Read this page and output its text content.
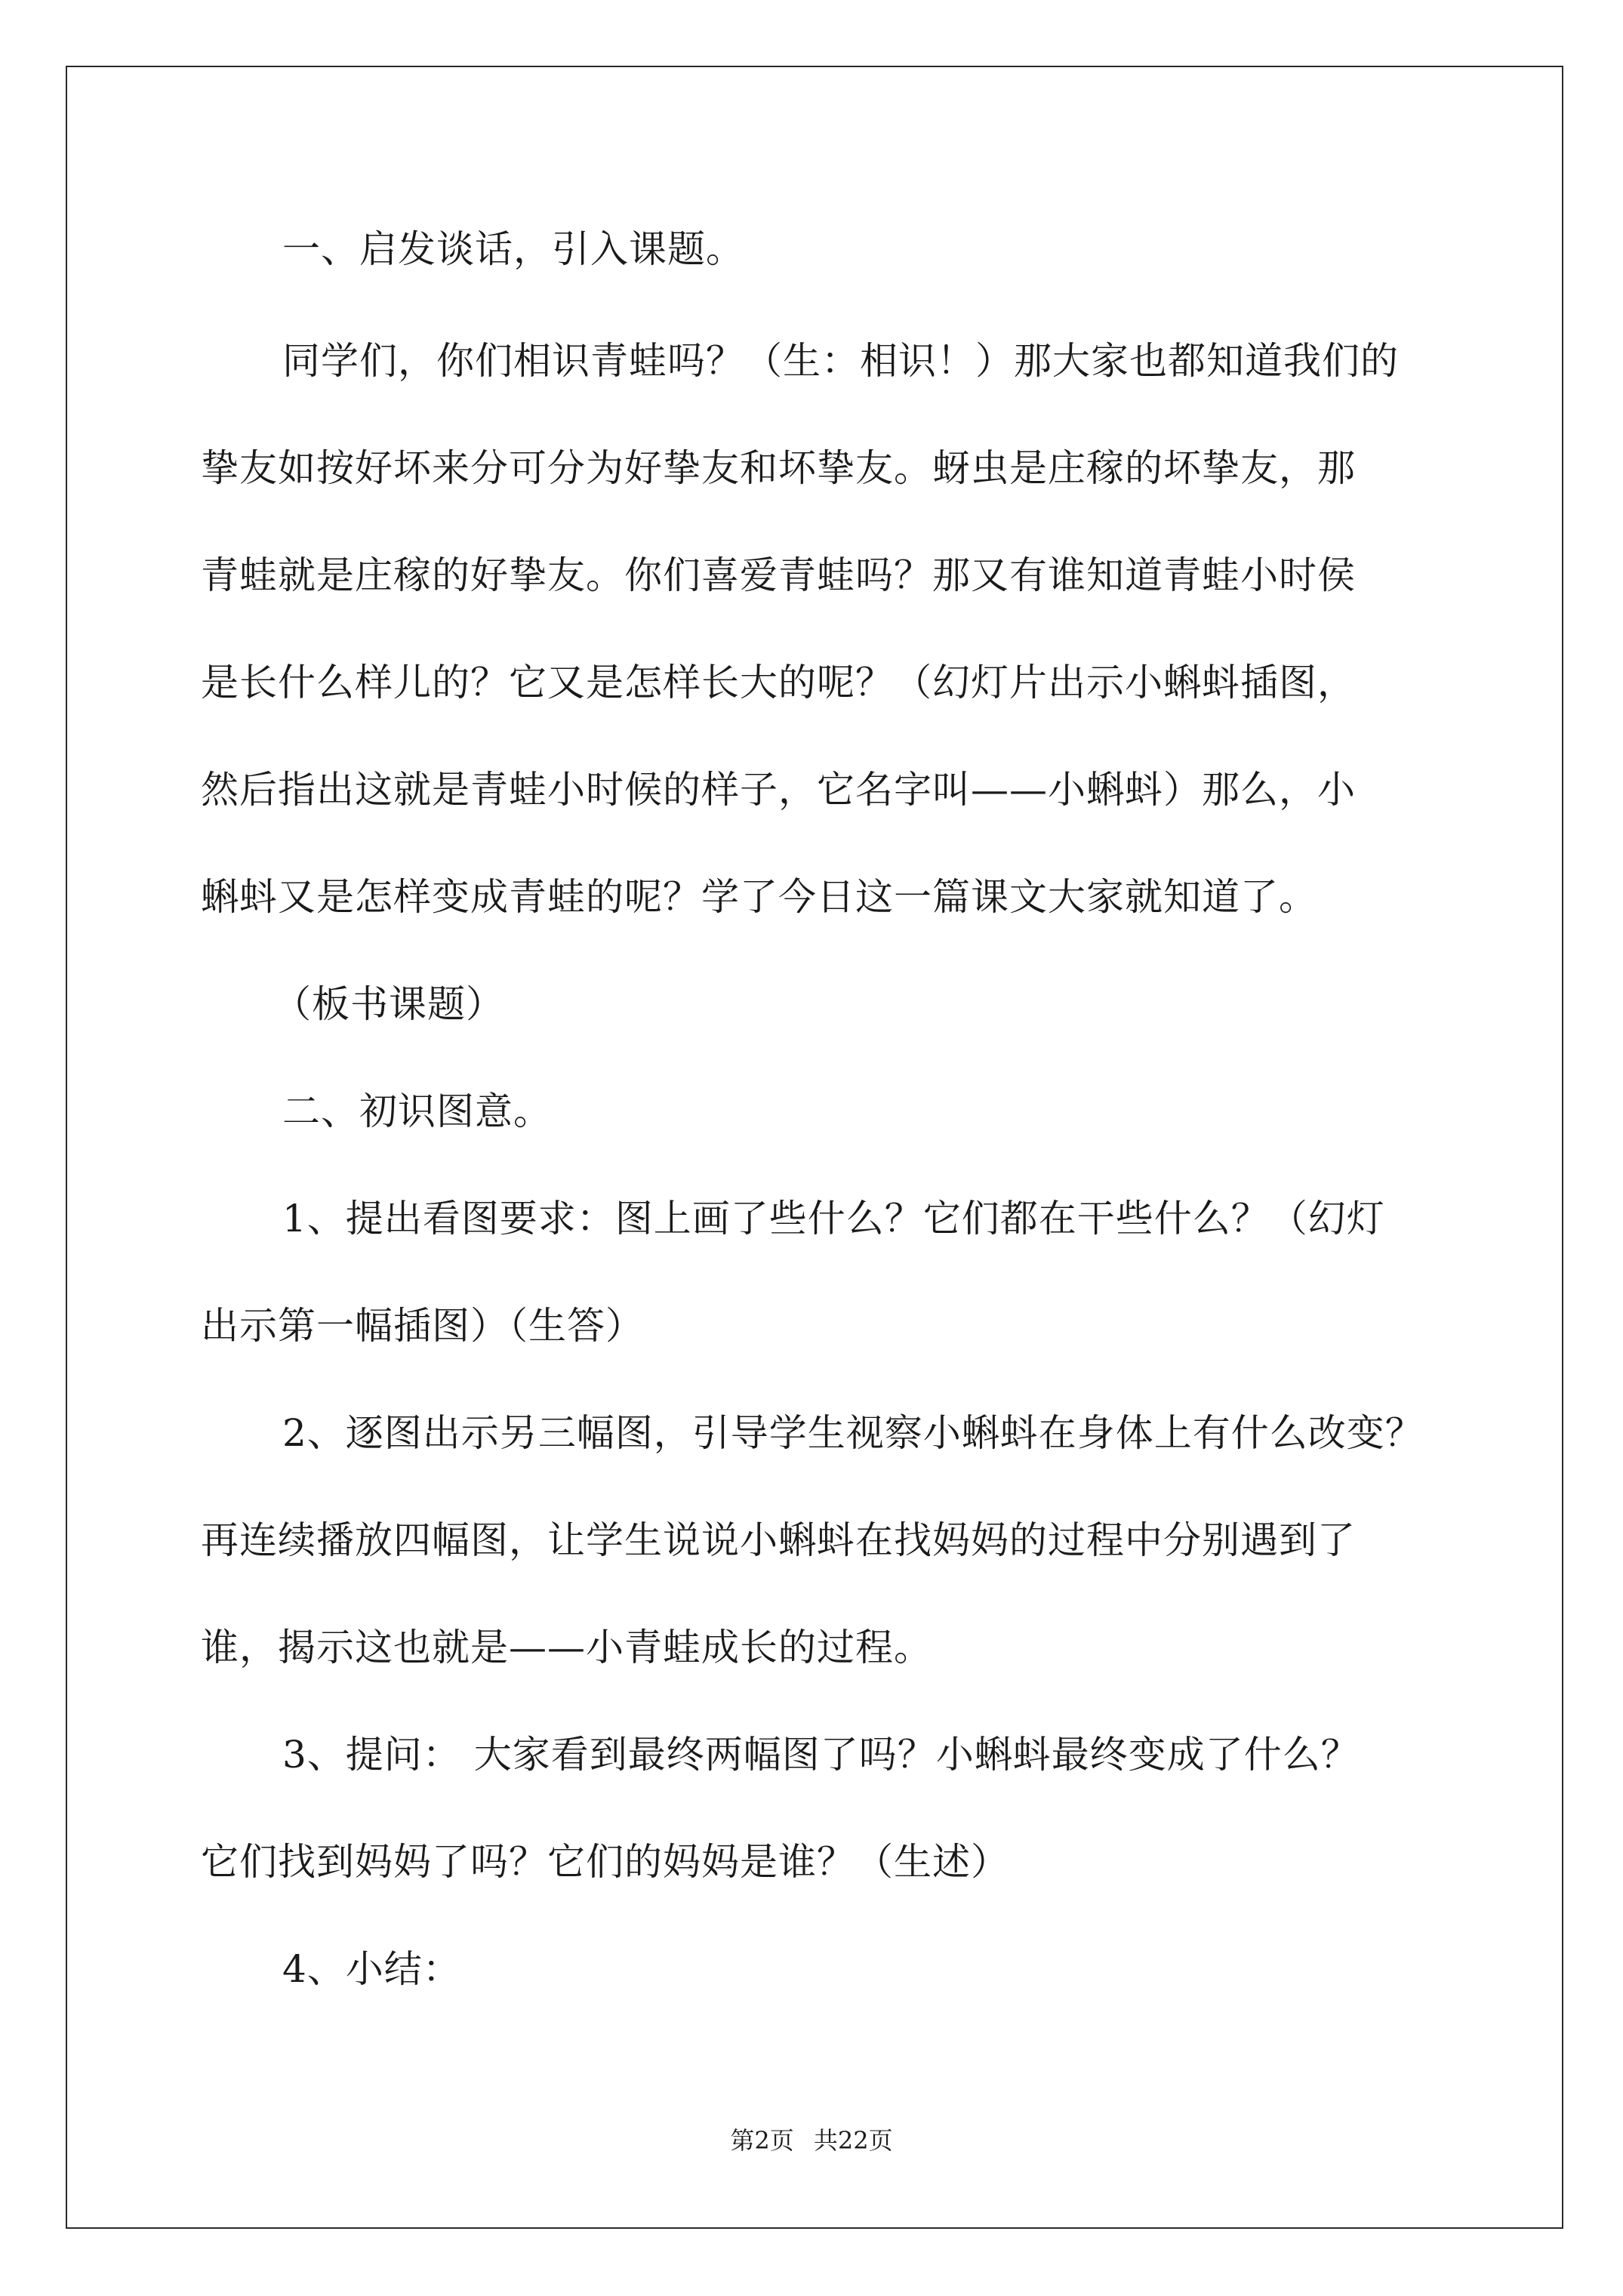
一、启发谈话，引入课题。
同学们，你们相识青蛙吗？（生：相识！）那大家也都知道我们的
挚友如按好坏来分可分为好挚友和坏挚友。蚜虫是庄稼的坏挚友，那
青蛙就是庄稼的好挚友。你们喜爱青蛙吗？那又有谁知道青蛙小时侯
是长什么样儿的？它又是怎样长大的呢？（幻灯片出示小蝌蚪插图，
然后指出这就是青蛙小时候的样子，它名字叫——小蝌蚪）那么，小
蝌蚪又是怎样变成青蛙的呢？学了今日这一篇课文大家就知道了。
（板书课题）
二、初识图意。
1、提出看图要求：图上画了些什么？它们都在干些什么？（幻灯
出示第一幅插图）（生答）
2、逐图出示另三幅图，引导学生视察小蝌蚪在身体上有什么改变？
再连续播放四幅图，让学生说说小蝌蚪在找妈妈的过程中分别遇到了
谁，揭示这也就是——小青蛙成长的过程。
3、提问： 大家看到最终两幅图了吗？小蝌蚪最终变成了什么？
它们找到妈妈了吗？它们的妈妈是谁？（生述）
4、小结：
第2页 共22页
